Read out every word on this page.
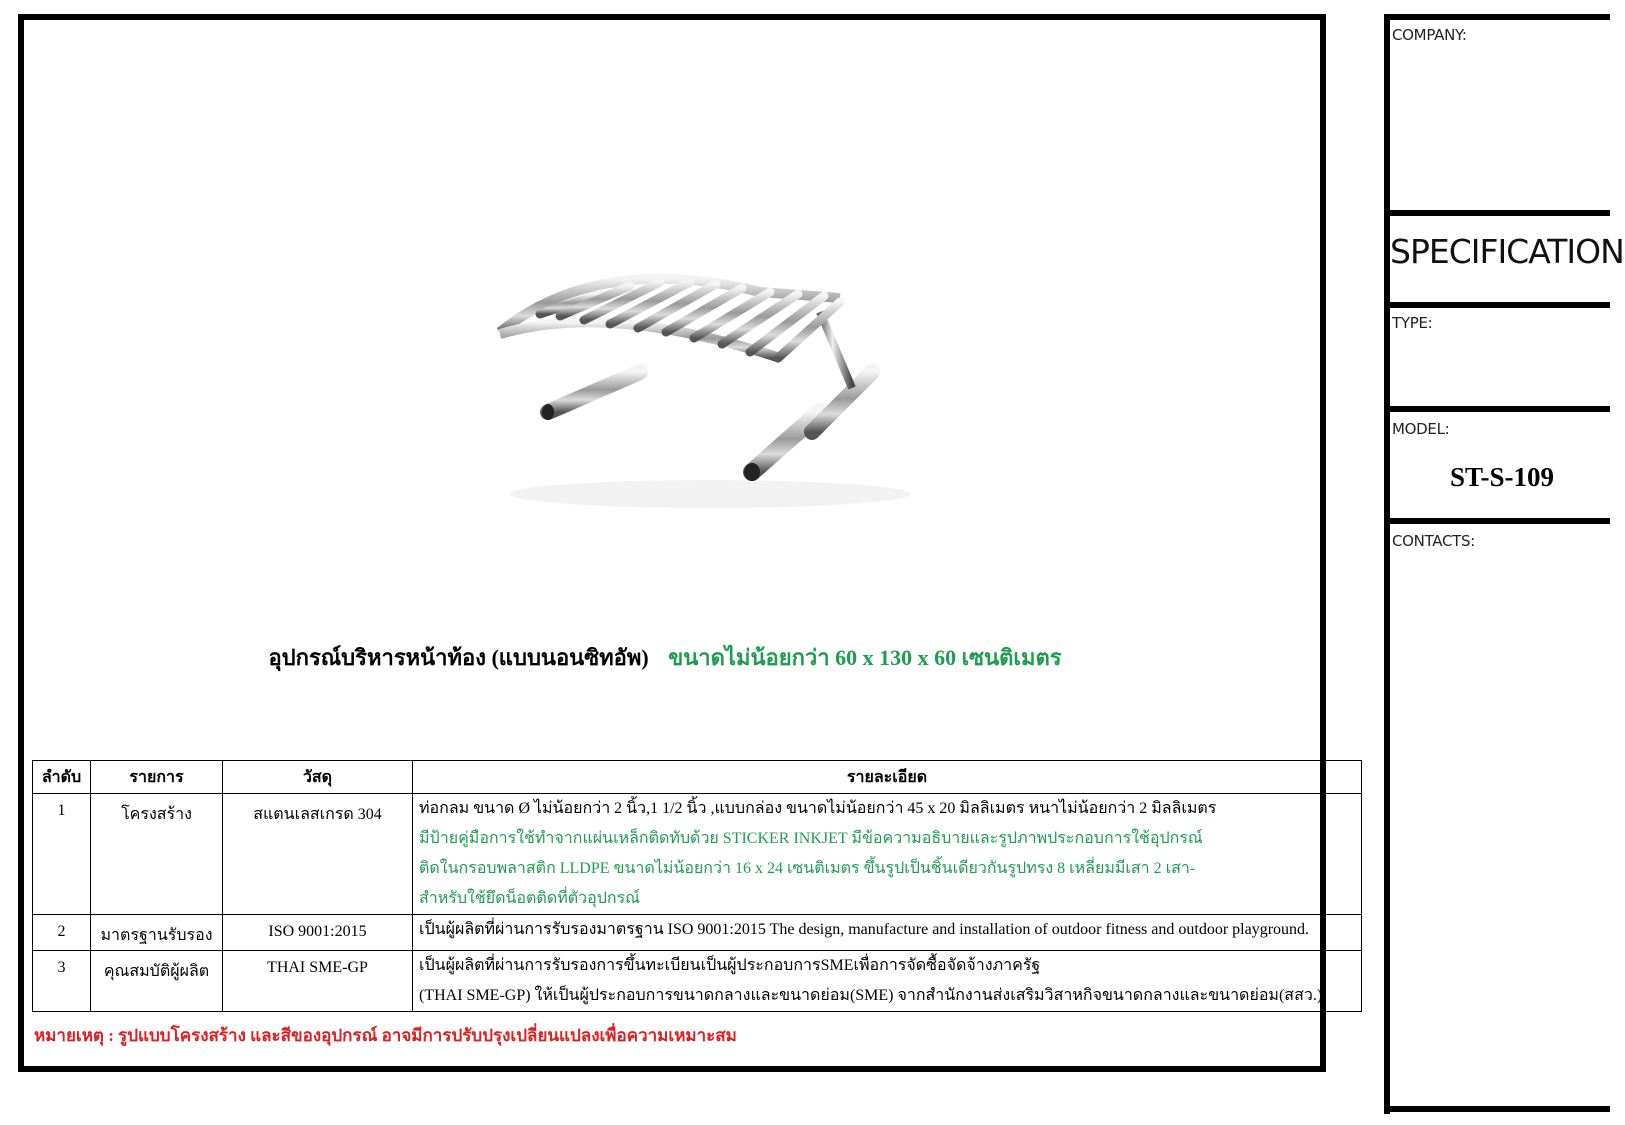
COMPANY:
SPECIFICATION
TYPE:
MODEL:
ST-S-109
CONTACTS:
อุปกรณ์บริหารหน้าท้อง (แบบนอนซิทอัพ) ขนาดไม่น้อยกว่า 60 x 130 x 60 เซนติเมตร
ลำดับ	รายการ	วัสดุ	รายละเอียด
1	โครงสร้าง	สแตนเลสเกรด 304	ท่อกลม ขนาด Ø ไม่น้อยกว่า 2 นิ้ว,1 1/2 นิ้ว ,แบบกล่อง ขนาดไม่น้อยกว่า 45 x 20 มิลลิเมตร หนาไม่น้อยกว่า 2 มิลลิเมตร
มีป้ายคู่มือการใช้ทำจากแผ่นเหล็กติดทับด้วย STICKER INKJET มีข้อความอธิบายและรูปภาพประกอบการใช้อุปกรณ์
ติดในกรอบพลาสติก LLDPE ขนาดไม่น้อยกว่า 16 x 24 เซนติเมตร ขึ้นรูปเป็นชิ้นเดียวกันรูปทรง 8 เหลี่ยมมีเสา 2 เสา-
สำหรับใช้ยึดน็อตติดที่ตัวอุปกรณ์

2	มาตรฐานรับรอง	ISO 9001:2015	เป็นผู้ผลิตที่ผ่านการรับรองมาตรฐาน ISO 9001:2015 The design, manufacture and installation of outdoor fitness and outdoor playground.

3	คุณสมบัติผู้ผลิต	THAI SME-GP	เป็นผู้ผลิตที่ผ่านการรับรองการขึ้นทะเบียนเป็นผู้ประกอบการSMEเพื่อการจัดซื้อจัดจ้างภาครัฐ
(THAI SME-GP) ให้เป็นผู้ประกอบการขนาดกลางและขนาดย่อม(SME) จากสำนักงานส่งเสริมวิสาหกิจขนาดกลางและขนาดย่อม(สสว.)
หมายเหตุ : รูปแบบโครงสร้าง และสีของอุปกรณ์ อาจมีการปรับปรุงเปลี่ยนแปลงเพื่อความเหมาะสม
